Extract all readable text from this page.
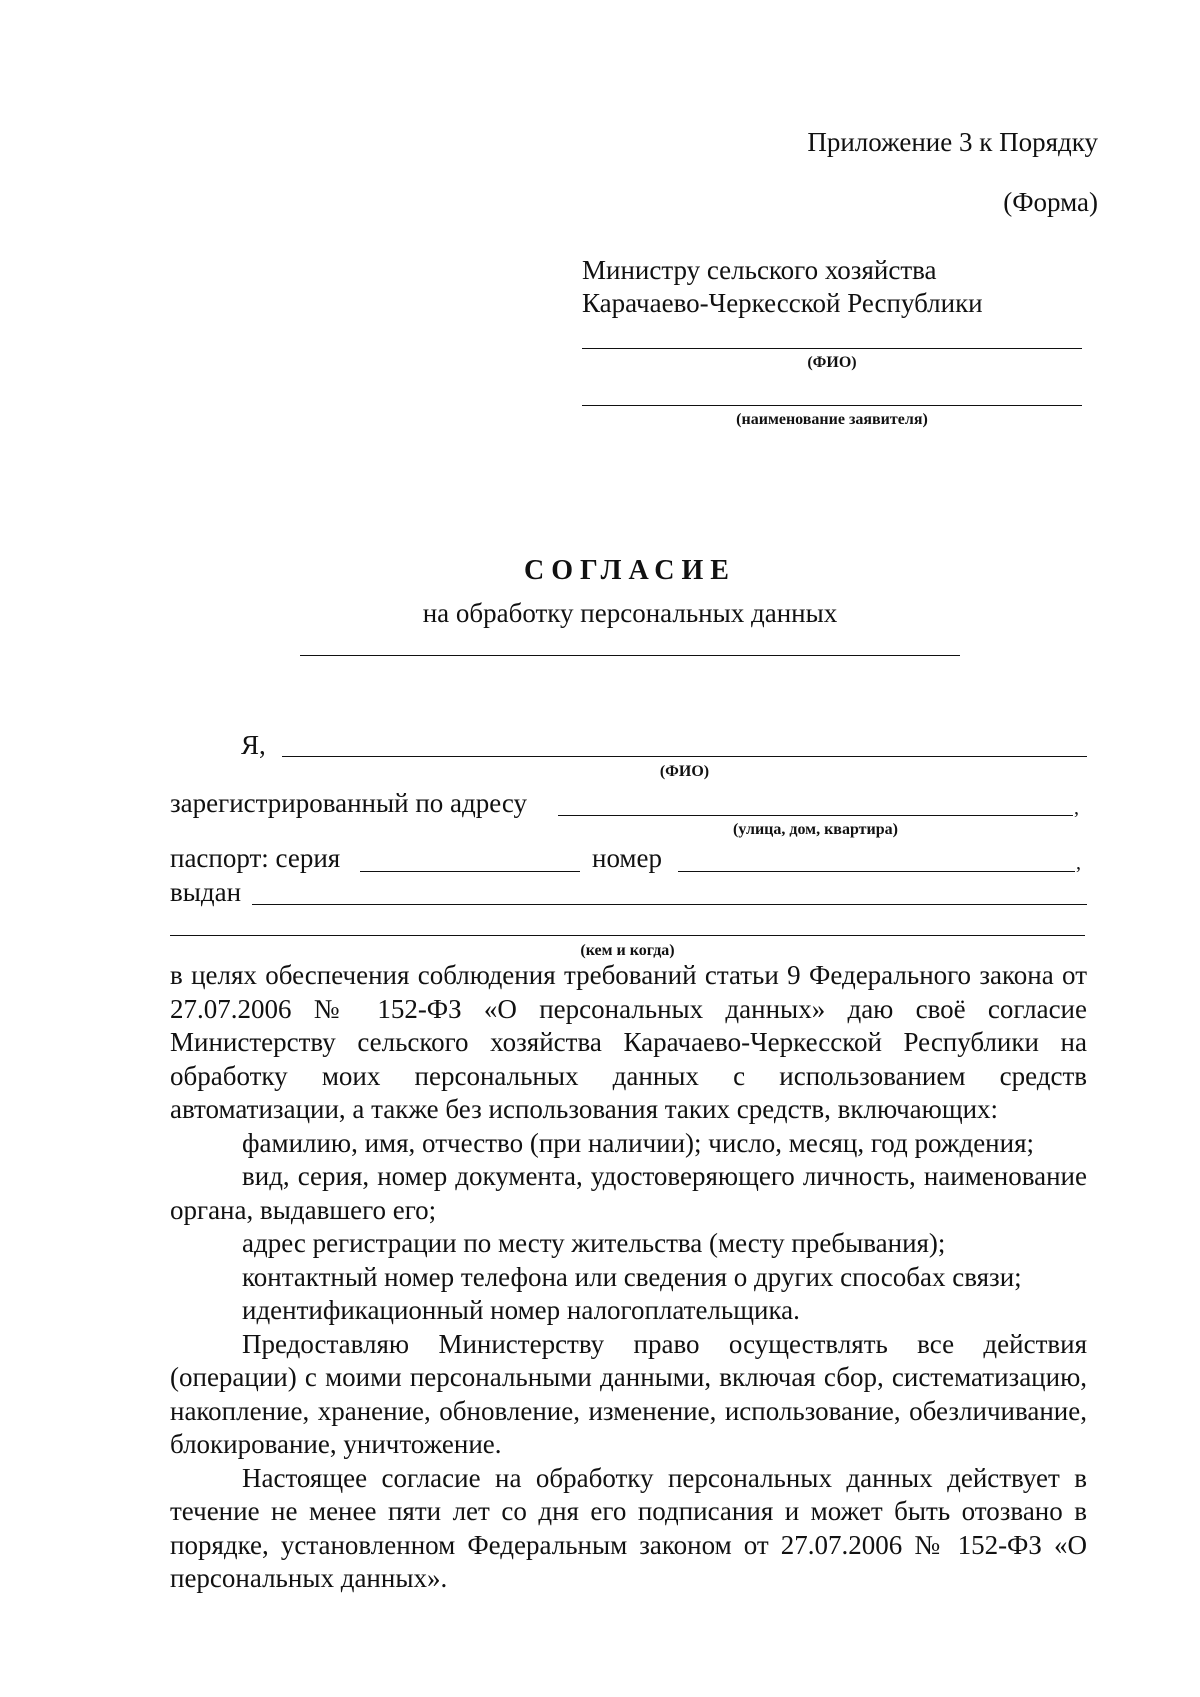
Приложение 3 к Порядку
(Форма)
Министру сельского хозяйства
Карачаево-Черкесской Республики
(ФИО)
(наименование заявителя)
СОГЛАСИЕ
на обработку персональных данных
Я,
(ФИО)
зарегистрированный по адресу	,
(улица, дом, квартира)
паспорт: серия	номер	,
выдан
(кем и когда)

в целях обеспечения соблюдения требований статьи 9 Федерального закона от 27.07.2006 № 152-ФЗ «О персональных данных» даю своё согласие Министерству сельского хозяйства Карачаево-Черкесской Республики на обработку моих персональных данных с использованием средств автоматизации, а также без использования таких средств, включающих:

фамилию, имя, отчество (при наличии); число, месяц, год рождения;

вид, серия, номер документа, удостоверяющего личность, наименование органа, выдавшего его;

адрес регистрации по месту жительства (месту пребывания);

контактный номер телефона или сведения о других способах связи;

идентификационный номер налогоплательщика.

Предоставляю Министерству право осуществлять все действия (операции) с моими персональными данными, включая сбор, систематизацию, накопление, хранение, обновление, изменение, использование, обезличивание, блокирование, уничтожение.

Настоящее согласие на обработку персональных данных действует в течение не менее пяти лет со дня его подписания и может быть отозвано в порядке, установленном Федеральным законом от 27.07.2006 № 152-ФЗ «О персональных данных».
